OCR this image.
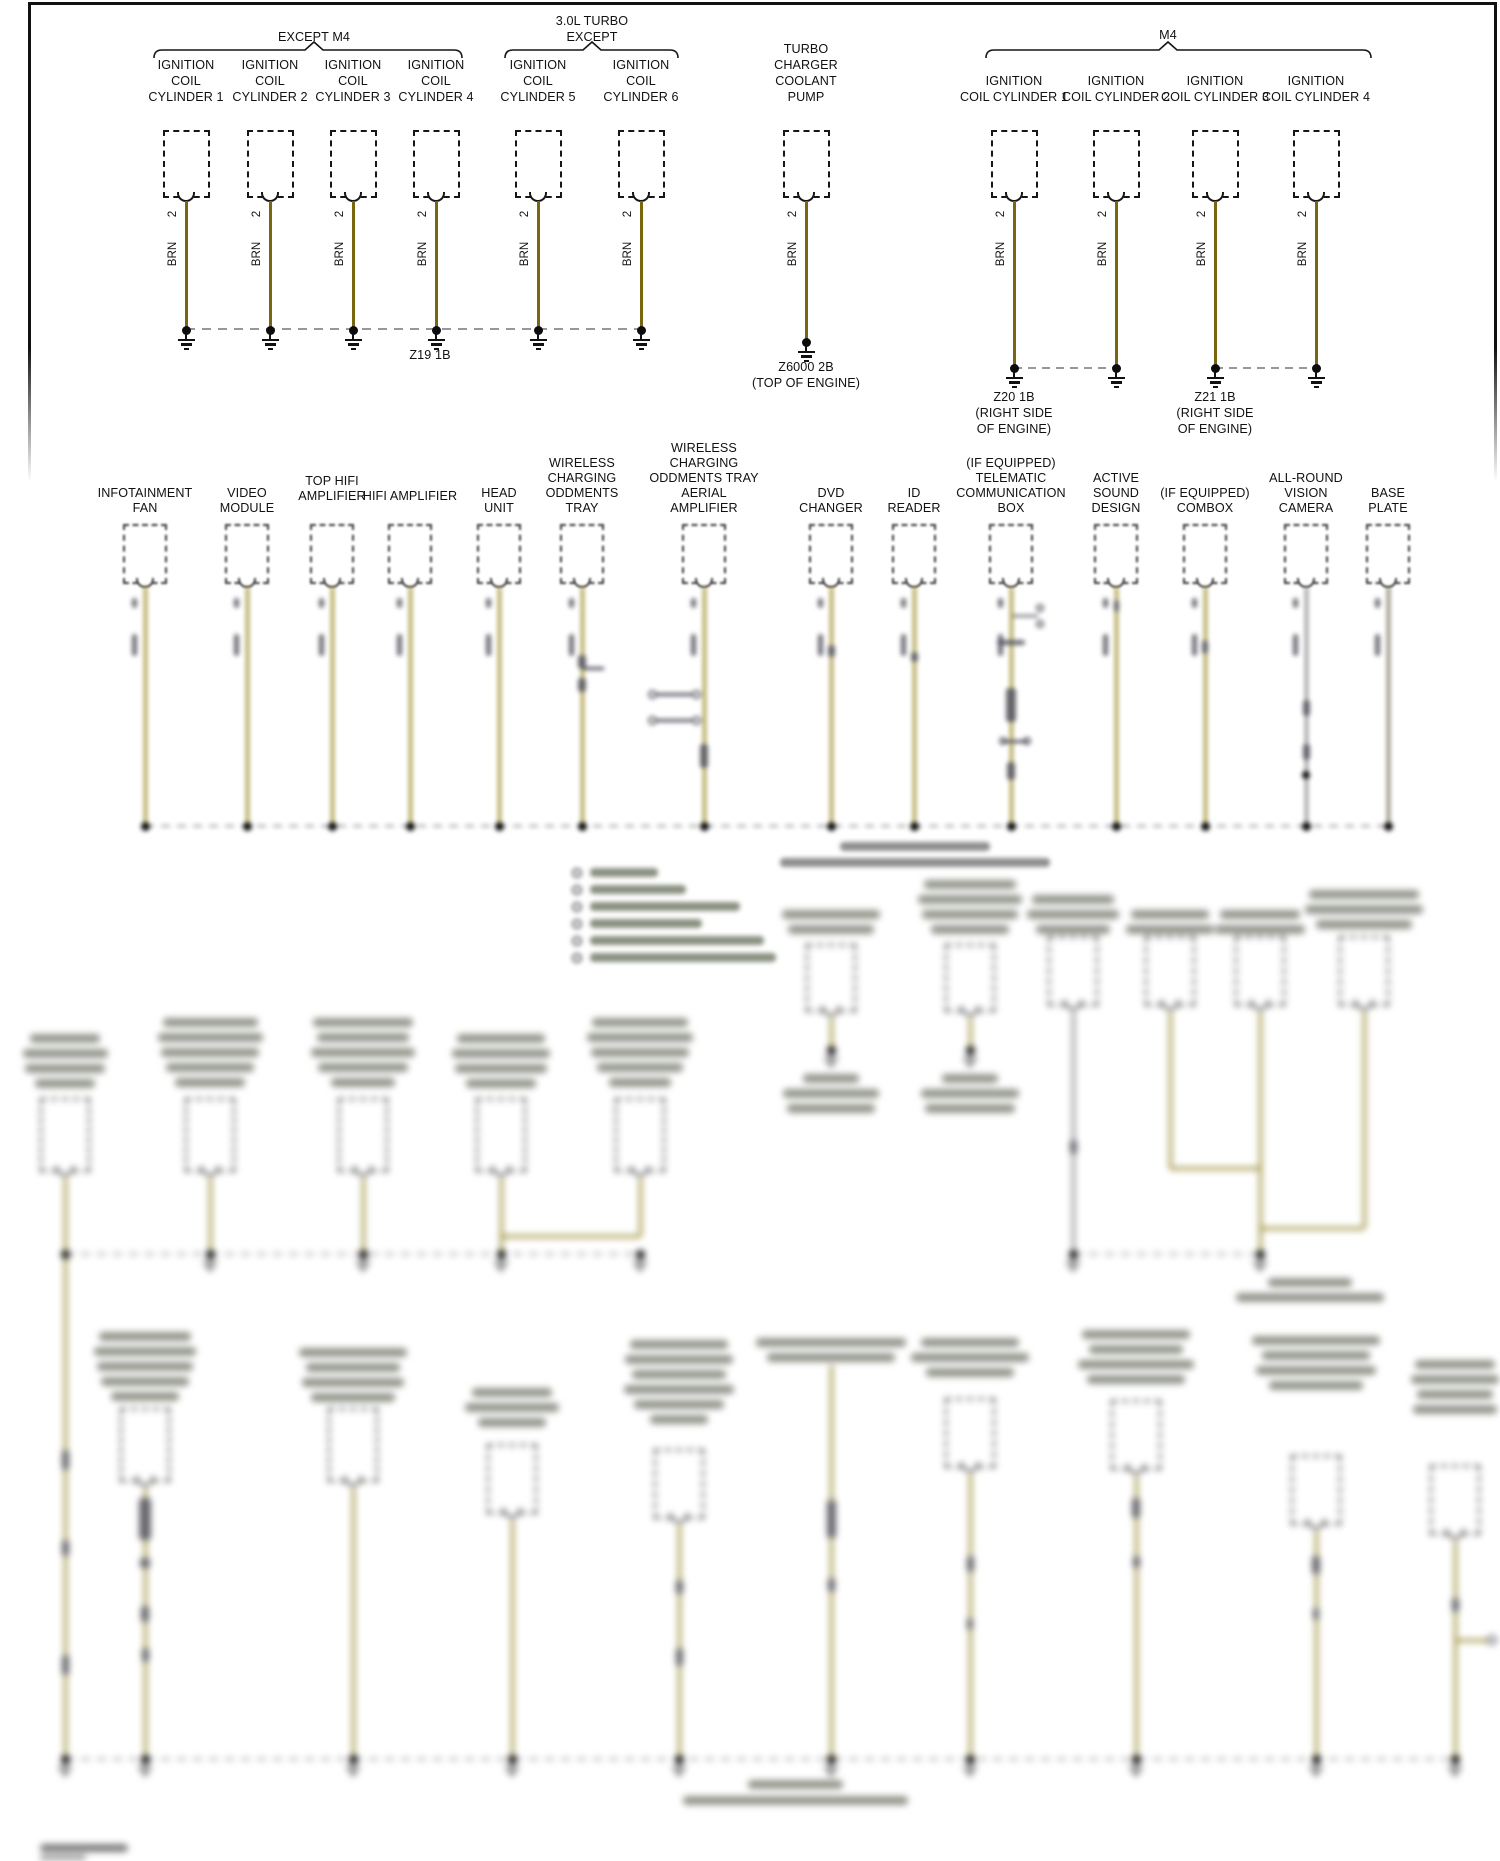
EXCEPT M4
3.0L TURBO
EXCEPT	M4
IGNITION
COIL
CYLINDER 1
2
BRN
IGNITION
COIL
CYLINDER 2
2
BRN
IGNITION
COIL
CYLINDER 3
2
BRN
IGNITION
COIL
CYLINDER 4
2
BRN
IGNITION
COIL
CYLINDER 5
2
BRN
IGNITION
COIL
CYLINDER 6
2
BRN
Z19 1B
TURBO
CHARGER
COOLANT
PUMP
2
BRN
Z6000 2B
(TOP OF ENGINE)
IGNITION
COIL CYLINDER 1
2
BRN
IGNITION
COIL CYLINDER 2
2
BRN
IGNITION
COIL CYLINDER 3
2
BRN
IGNITION
COIL CYLINDER 4
2
BRN
Z20 1B	Z21 1B
(RIGHT SIDE	(RIGHT SIDE
OF ENGINE)	OF ENGINE)
INFOTAINMENT
FAN
VIDEO
MODULE
TOP HIFI
AMPLIFIER
HIFI AMPLIFIER	HEAD
UNIT
WIRELESS
CHARGING
ODDMENTS
TRAY
WIRELESS
CHARGING
ODDMENTS TRAY
AERIAL
AMPLIFIER
DVD
CHANGER
ID
READER
(IF EQUIPPED)
TELEMATIC
COMMUNICATION
BOX
ACTIVE
SOUND
DESIGN
(IF EQUIPPED)
COMBOX
ALL-ROUND
VISION
CAMERA
BASE
PLATE
